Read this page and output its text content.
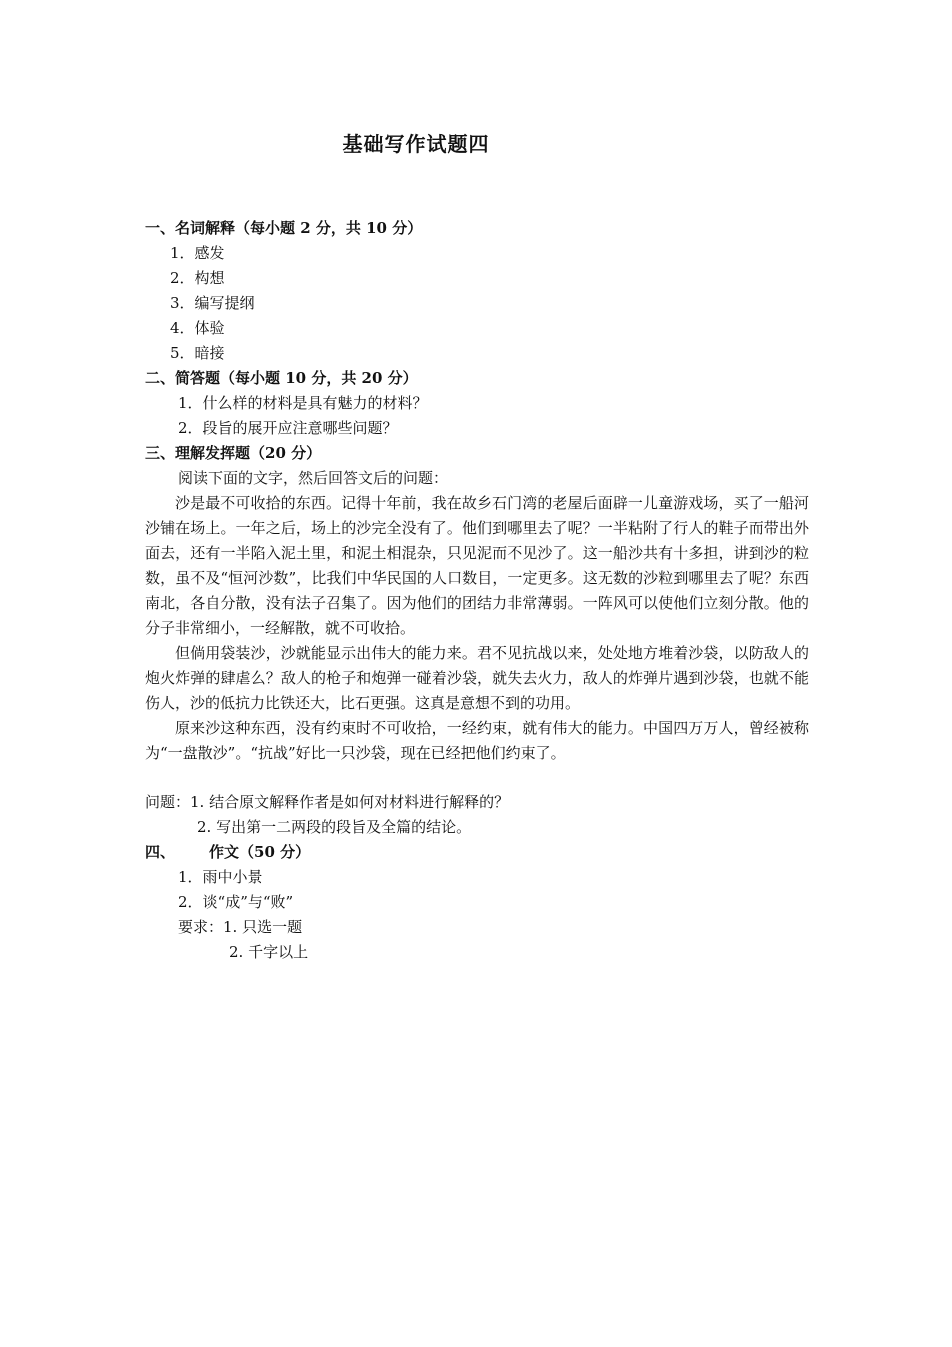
基础写作试题四
一、名词解释（每小题 2 分，共 10 分）
1．感发
2．构想
3．编写提纲
4．体验
5．暗接
二、简答题（每小题 10 分，共 20 分）
1．什么样的材料是具有魅力的材料？
2．段旨的展开应注意哪些问题？
三、理解发挥题（20 分）
阅读下面的文字，然后回答文后的问题：

沙是最不可收拾的东西。记得十年前，我在故乡石门湾的老屋后面辟一儿童游戏场，买了一船河沙铺在场上。一年之后，场上的沙完全没有了。他们到哪里去了呢？一半粘附了行人的鞋子而带出外面去，还有一半陷入泥土里，和泥土相混杂，只见泥而不见沙了。这一船沙共有十多担，讲到沙的粒数，虽不及“恒河沙数”，比我们中华民国的人口数目，一定更多。这无数的沙粒到哪里去了呢？东西南北，各自分散，没有法子召集了。因为他们的团结力非常薄弱。一阵风可以使他们立刻分散。他的分子非常细小，一经解散，就不可收拾。

但倘用袋装沙，沙就能显示出伟大的能力来。君不见抗战以来，处处地方堆着沙袋，以防敌人的炮火炸弹的肆虐么？敌人的枪子和炮弹一碰着沙袋，就失去火力，敌人的炸弹片遇到沙袋，也就不能伤人，沙的低抗力比铁还大，比石更强。这真是意想不到的功用。

原来沙这种东西，没有约束时不可收拾，一经约束，就有伟大的能力。中国四万万人，曾经被称为“一盘散沙”。“抗战”好比一只沙袋，现在已经把他们约束了。

问题：1. 结合原文解释作者是如何对材料进行解释的？
2. 写出第一二两段的段旨及全篇的结论。
四、 作文（50 分）
1．雨中小景
2．谈“成”与“败”
要求：1. 只选一题
2. 千字以上
